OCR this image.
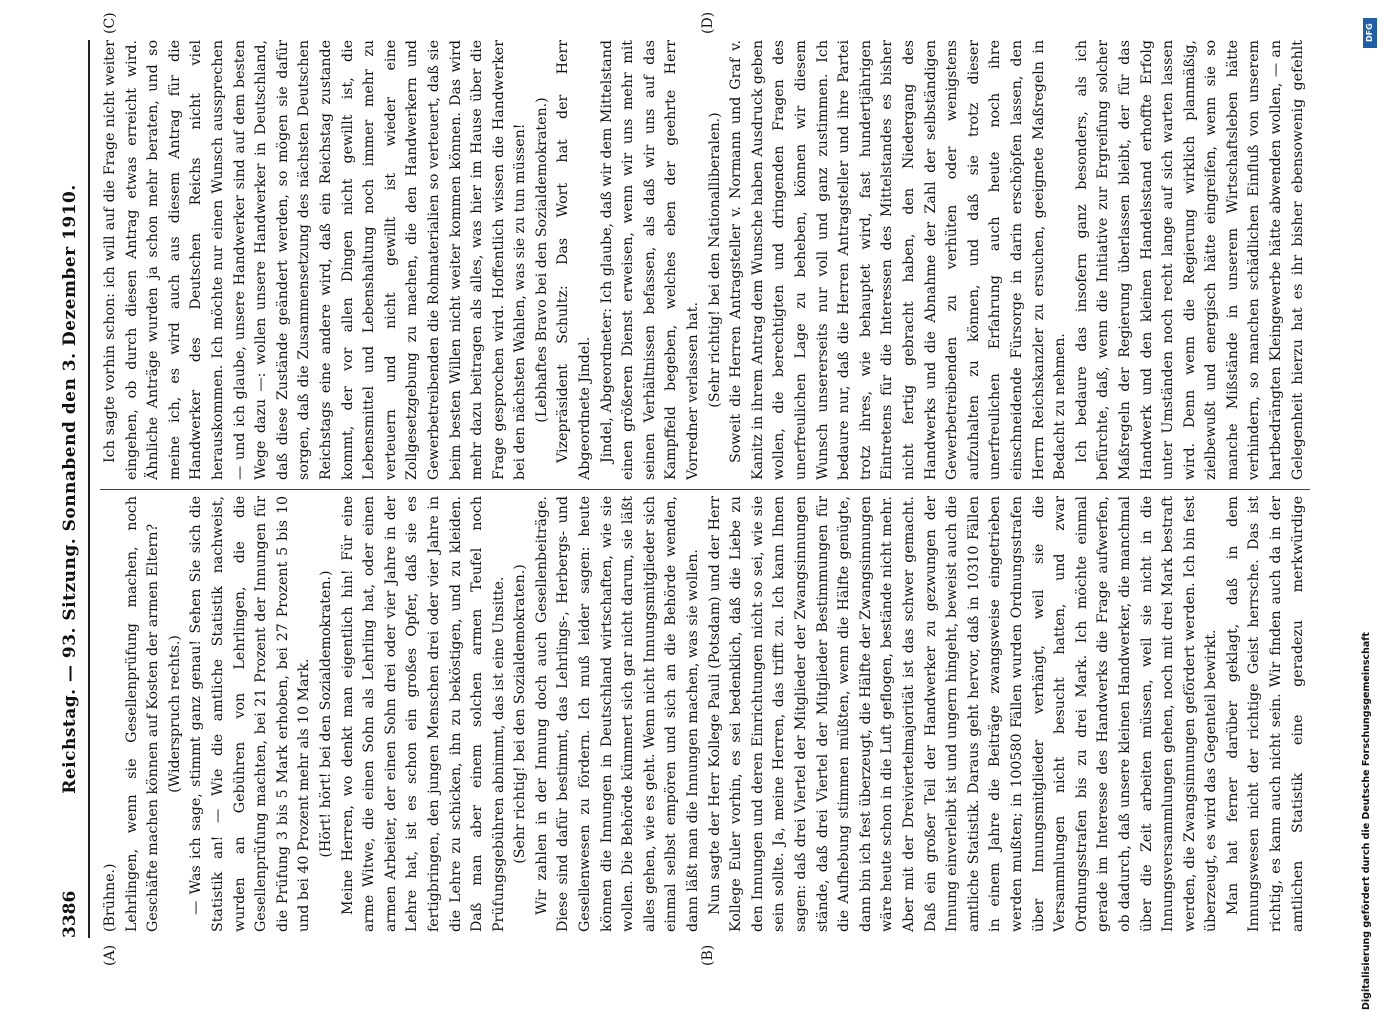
3386
Reichstag. — 93. Sitzung. Sonnabend den 3. Dezember 1910.
(A)	(B)
(C)	(D)

(Brühne.) Lehrlingen, wenn sie Gesellenprüfung machen, noch Geschäfte machen können auf Kosten der armen Eltern? (Widerspruch rechts.) — Was ich sage, stimmt ganz genau! Sehen Sie sich die Statistik an! — Wie die amtliche Statistik nachweist, wurden an Gebühren von Lehrlingen, die die Gesellenprüfung machten, bei 21 Prozent der Innungen für die Prüfung 3 bis 5 Mark erhoben, bei 27 Prozent 5 bis 10 und bei 40 Prozent mehr als 10 Mark. (Hört! hört! bei den Sozialdemokraten.) Meine Herren, wo denkt man eigentlich hin! Für eine arme Witwe, die einen Sohn als Lehrling hat, oder einen armen Arbeiter, der einen Sohn drei oder vier Jahre in der Lehre hat, ist es schon ein großes Opfer, daß sie es fertigbringen, den jungen Menschen drei oder vier Jahre in die Lehre zu schicken, ihn zu beköstigen, und zu kleiden. Daß man aber einem solchen armen Teufel noch Prüfungsgebühren abnimmt, das ist eine Unsitte. (Sehr richtig! bei den Sozialdemokraten.) Wir zahlen in der Innung doch auch Gesellenbeiträge. Diese sind dafür bestimmt, das Lehrlings-, Herbergs- und Gesellenwesen zu fördern. Ich muß leider sagen: heute können die Innungen in Deutschland wirtschaften, wie sie wollen. Die Behörde kümmert sich gar nicht darum, sie läßt alles gehen, wie es geht. Wenn nicht Innungsmitglieder sich einmal selbst empören und sich an die Behörde wenden, dann läßt man die Innungen machen, was sie wollen. Nun sagte der Herr Kollege Pauli (Potsdam) und der Herr Kollege Euler vorhin, es sei bedenklich, daß die Liebe zu den Innungen und deren Einrichtungen nicht so sei, wie sie sein sollte. Ja, meine Herren, das trifft zu. Ich kann Ihnen sagen: daß drei Viertel der Mitglieder der Zwangsinnungen stände, daß drei Viertel der Mitglieder Bestimmungen für die Aufhebung stimmen müßten, wenn die Hälfte genügte, dann bin ich fest überzeugt, die Hälfte der Zwangsinnungen wäre heute schon in die Luft geflogen, bestände nicht mehr. Aber mit der Dreiviertelmajorität ist das schwer gemacht. Daß ein großer Teil der Handwerker zu gezwungen der Innung einverleibt ist und ungern hingeht, beweist auch die amtliche Statistik. Daraus geht hervor, daß in 10310 Fällen in einem Jahre die Beiträge zwangsweise eingetrieben werden mußten; in 100580 Fällen wurden Ordnungsstrafen über Innungsmitglieder verhängt, weil sie die Versammlungen nicht besucht hatten, und zwar Ordnungsstrafen bis zu drei Mark. Ich möchte einmal gerade im Interesse des Handwerks die Frage aufwerfen, ob dadurch, daß unsere kleinen Handwerker, die manchmal über die Zeit arbeiten müssen, weil sie nicht in die Innungsversammlungen gehen, noch mit drei Mark bestraft werden, die Zwangsinnungen gefördert werden. Ich bin fest überzeugt, es wird das Gegenteil bewirkt. Man hat ferner darüber geklagt, daß in dem Innungswesen nicht der richtige Geist herrsche. Das ist richtig, es kann auch nicht sein. Wir finden auch da in der amtlichen Statistik eine geradezu merkwürdige

Ich sagte vorhin schon: ich will auf die Frage nicht weiter eingehen, ob durch diesen Antrag etwas erreicht wird. Ähnliche Anträge wurden ja schon mehr beraten, und so meine ich, es wird auch aus diesem Antrag für die Handwerker des Deutschen Reichs nicht viel herauskommen. Ich möchte nur einen Wunsch aussprechen — und ich glaube, unsere Handwerker sind auf dem besten Wege dazu —: wollen unsere Handwerker in Deutschland, daß diese Zustände geändert werden, so mögen sie dafür sorgen, daß die Zusammensetzung des nächsten Deutschen Reichstags eine andere wird, daß ein Reichstag zustande kommt, der vor allen Dingen nicht gewillt ist, die Lebensmittel und Lebenshaltung noch immer mehr zu verteuern und nicht gewillt ist wieder eine Zollgesetzgebung zu machen, die den Handwerkern und Gewerbetreibenden die Rohmaterialien so verteuert, daß sie beim besten Willen nicht weiter kommen können. Das wird mehr dazu beitragen als alles, was hier im Hause über die Frage gesprochen wird. Hoffentlich wissen die Handwerker bei den nächsten Wahlen, was sie zu tun müssen! (Lebhaftes Bravo bei den Sozialdemokraten.) Vizepräsident Schultz: Das Wort hat der Herr Abgeordnete Jindel. Jindel, Abgeordneter: Ich glaube, daß wir dem Mittelstand einen größeren Dienst erweisen, wenn wir uns mehr mit seinen Verhältnissen befassen, als daß wir uns auf das Kampffeld begeben, welches eben der geehrte Herr Vorredner verlassen hat. (Sehr richtig! bei den Nationalliberalen.) Soweit die Herren Antragsteller v. Normann und Graf v. Kanitz in ihrem Antrag dem Wunsche haben Ausdruck geben wollen, die berechtigten und dringenden Fragen des unerfreulichen Lage zu beheben, können wir diesem Wunsch unsererseits nur voll und ganz zustimmen. Ich bedaure nur, daß die Herren Antragsteller und ihre Partei trotz ihres, wie behauptet wird, fast hundertjährigen Eintretens für die Interessen des Mittelstandes es bisher nicht fertig gebracht haben, den Niedergang des Handwerks und die Abnahme der Zahl der selbständigen Gewerbetreibenden zu verhüten oder wenigstens aufzuhalten zu können, und daß sie trotz dieser unerfreulichen Erfahrung auch heute noch ihre einschneidende Fürsorge in darin erschöpfen lassen, den Herrn Reichskanzler zu ersuchen, geeignete Maßregeln in Bedacht zu nehmen. Ich bedaure das insofern ganz besonders, als ich befürchte, daß, wenn die Initiative zur Ergreifung solcher Maßregeln der Regierung überlassen bleibt, der für das Handwerk und den kleinen Handelsstand erhoffte Erfolg unter Umständen noch recht lange auf sich warten lassen wird. Denn wenn die Regierung wirklich planmäßig, zielbewußt und energisch hätte eingreifen, wenn sie so manche Mißstände in unserem Wirtschaftsleben hätte verhindern, so manchen schädlichen Einfluß von unserem hartbedrängten Kleingewerbe hätte abwenden wollen, — an Gelegenheit hierzu hat es ihr bisher ebensowenig gefehlt

Digitalisierung gefördert durch die Deutsche Forschungsgemeinschaft
DFG
